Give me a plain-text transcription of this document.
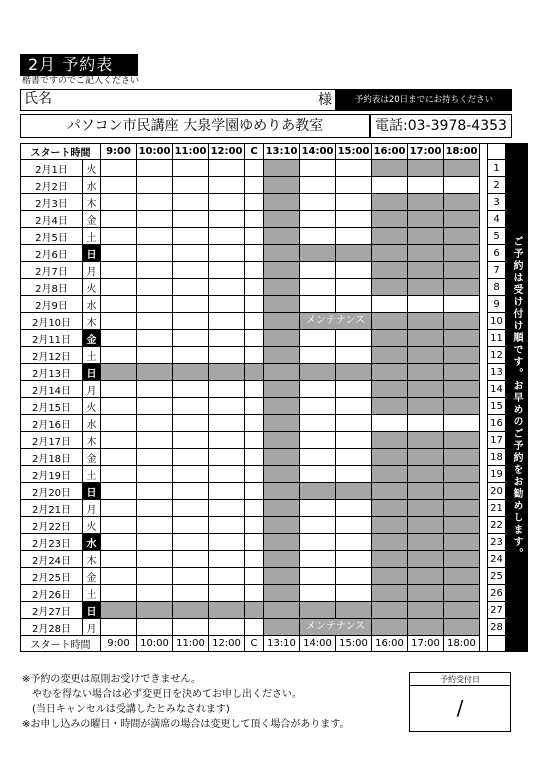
2月 予約表
楷書ですのでご記入ください
氏名	様	予約表は20日までにお持ちください
パソコン市民講座 大泉学園ゆめりあ教室	電話:03-3978-4353
スタート時間		9:00	10:00	11:00	12:00	C	13:10	14:00	15:00	16:00	17:00	18:00			ご予約は受け付け順です。お早めのご予約をお勧めします。
2月1日	火													1	
2月2日	水													2	
2月3日	木													3	
2月4日	金													4	
2月5日	土													5	
2月6日	日													6	
2月7日	月													7	
2月8日	火													8	
2月9日	水													9	
2月10日	木							メンテナンス						10	
2月11日	金													11	
2月12日	土													12	
2月13日	日													13	
2月14日	月													14	
2月15日	火													15	
2月16日	水													16	
2月17日	木													17	
2月18日	金													18	
2月19日	土													19	
2月20日	日													20	
2月21日	月													21	
2月22日	火													22	
2月23日	水													23	
2月24日	木													24	
2月25日	金													25	
2月26日	土													26	
2月27日	日													27	
2月28日	月							メンテナンス						28	
スタート時間		9:00	10:00	11:00	12:00	C	13:10	14:00	15:00	16:00	17:00	18:00			
※予約の変更は原則お受けできません。
やむを得ない場合は必ず変更日を決めてお申し出ください。
(当日キャンセルは受講したとみなされます)
※お申し込みの曜日・時間が満席の場合は変更して頂く場合があります。
予約受付日
/
